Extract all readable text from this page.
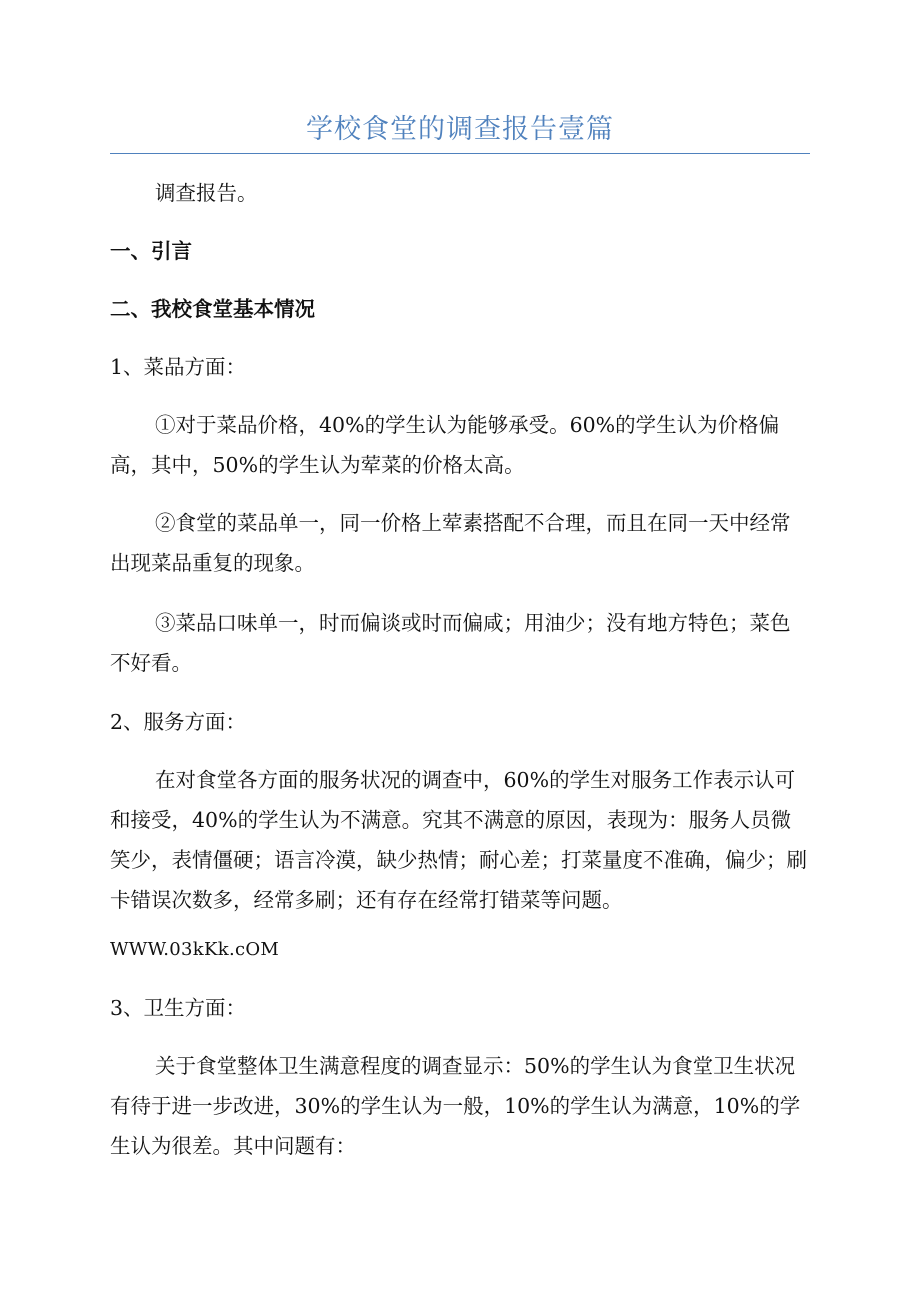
学校食堂的调查报告壹篇

调查报告。

一、引言

二、我校食堂基本情况

1、菜品方面：

①对于菜品价格，40%的学生认为能够承受。60%的学生认为价格偏高，其中，50%的学生认为荤菜的价格太高。

②食堂的菜品单一，同一价格上荤素搭配不合理，而且在同一天中经常出现菜品重复的现象。

③菜品口味单一，时而偏谈或时而偏咸；用油少；没有地方特色；菜色不好看。

2、服务方面：

在对食堂各方面的服务状况的调查中，60%的学生对服务工作表示认可和接受，40%的学生认为不满意。究其不满意的原因，表现为：服务人员微笑少，表情僵硬；语言冷漠，缺少热情；耐心差；打菜量度不准确，偏少；刷卡错误次数多，经常多刷；还有存在经常打错菜等问题。

WWW.03kKk.cOM

3、卫生方面：

关于食堂整体卫生满意程度的调查显示：50%的学生认为食堂卫生状况有待于进一步改进，30%的学生认为一般，10%的学生认为满意，10%的学生认为很差。其中问题有：
